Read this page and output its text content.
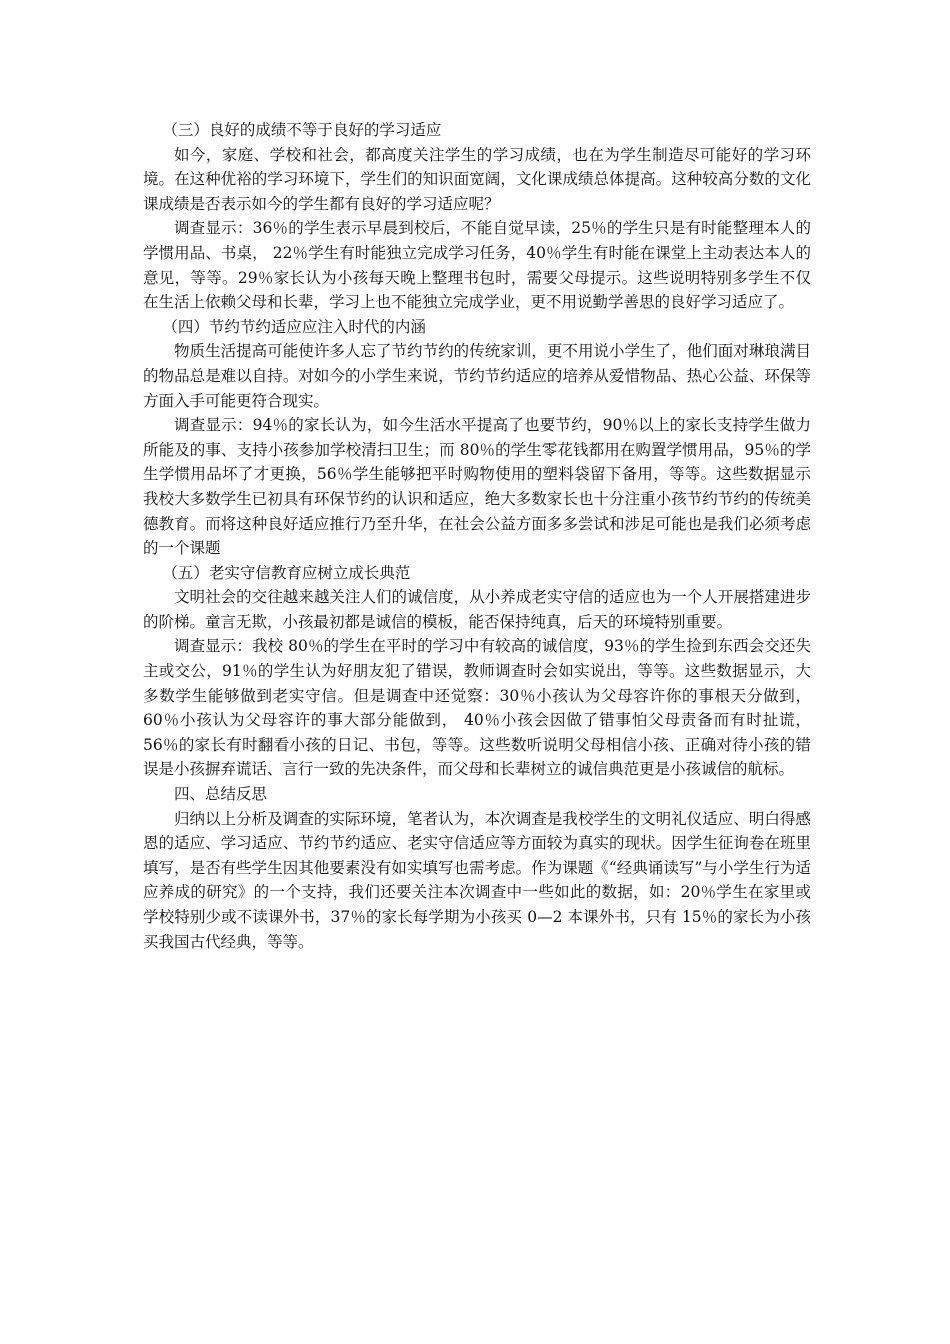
（三）良好的成绩不等于良好的学习适应

如今，家庭、学校和社会，都高度关注学生的学习成绩，也在为学生制造尽可能好的学习环境。在这种优裕的学习环境下，学生们的知识面宽阔，文化课成绩总体提高。这种较高分数的文化课成绩是否表示如今的学生都有良好的学习适应呢？

调查显示：36％的学生表示早晨到校后，不能自觉早读，25％的学生只是有时能整理本人的学惯用品、书桌， 22％学生有时能独立完成学习任务，40％学生有时能在课堂上主动表达本人的意见，等等。29％家长认为小孩每天晚上整理书包时，需要父母提示。这些说明特别多学生不仅在生活上依赖父母和长辈，学习上也不能独立完成学业，更不用说勤学善思的良好学习适应了。

（四）节约节约适应应注入时代的内涵

物质生活提高可能使许多人忘了节约节约的传统家训，更不用说小学生了，他们面对琳琅满目的物品总是难以自持。对如今的小学生来说，节约节约适应的培养从爱惜物品、热心公益、环保等方面入手可能更符合现实。

调查显示：94％的家长认为，如今生活水平提高了也要节约，90％以上的家长支持学生做力所能及的事、支持小孩参加学校清扫卫生；而 80％的学生零花钱都用在购置学惯用品，95％的学生学惯用品坏了才更换，56％学生能够把平时购物使用的塑料袋留下备用，等等。这些数据显示我校大多数学生已初具有环保节约的认识和适应，绝大多数家长也十分注重小孩节约节约的传统美德教育。而将这种良好适应推行乃至升华，在社会公益方面多多尝试和涉足可能也是我们必须考虑的一个课题

（五）老实守信教育应树立成长典范

文明社会的交往越来越关注人们的诚信度，从小养成老实守信的适应也为一个人开展搭建进步的阶梯。童言无欺，小孩最初都是诚信的模板，能否保持纯真，后天的环境特别重要。

调查显示：我校 80％的学生在平时的学习中有较高的诚信度，93％的学生捡到东西会交还失主或交公，91％的学生认为好朋友犯了错误，教师调查时会如实说出，等等。这些数据显示，大多数学生能够做到老实守信。但是调查中还觉察：30％小孩认为父母容许你的事根天分做到，60％小孩认为父母容许的事大部分能做到， 40％小孩会因做了错事怕父母责备而有时扯谎，56％的家长有时翻看小孩的日记、书包，等等。这些数听说明父母相信小孩、正确对待小孩的错误是小孩摒弃谎话、言行一致的先决条件，而父母和长辈树立的诚信典范更是小孩诚信的航标。

四、总结反思

归纳以上分析及调查的实际环境，笔者认为，本次调查是我校学生的文明礼仪适应、明白得感恩的适应、学习适应、节约节约适应、老实守信适应等方面较为真实的现状。因学生征询卷在班里填写，是否有些学生因其他要素没有如实填写也需考虑。作为课题《“经典诵读写”与小学生行为适应养成的研究》的一个支持，我们还要关注本次调查中一些如此的数据，如：20％学生在家里或学校特别少或不读课外书，37％的家长每学期为小孩买 0—2 本课外书，只有 15％的家长为小孩买我国古代经典，等等。
